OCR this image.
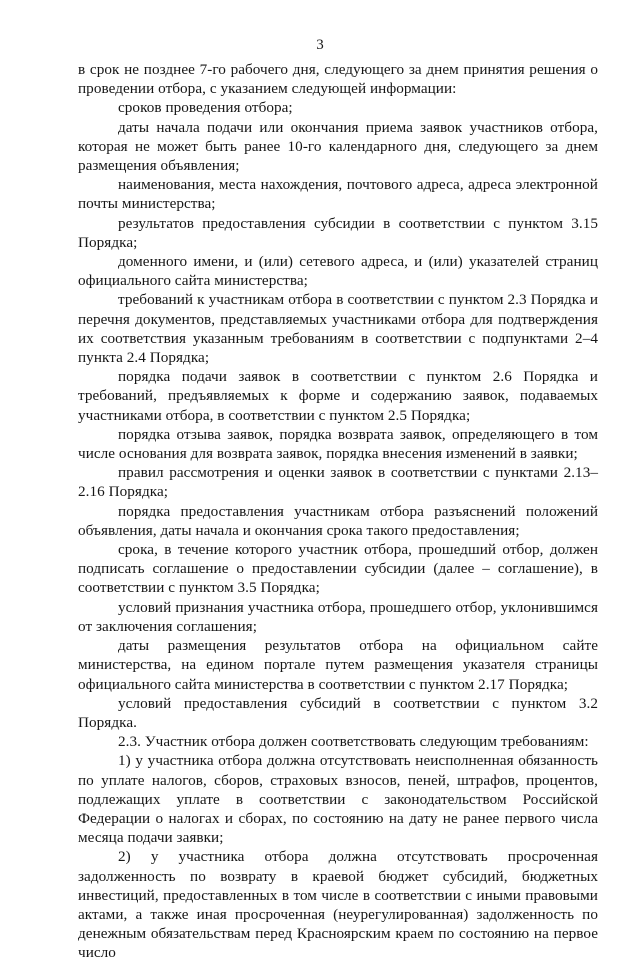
3

в срок не позднее 7-го рабочего дня, следующего за днем принятия решения о проведении отбора, с указанием следующей информации:

сроков проведения отбора;

даты начала подачи или окончания приема заявок участников отбора, которая не может быть ранее 10-го календарного дня, следующего за днем размещения объявления;

наименования, места нахождения, почтового адреса, адреса электронной почты министерства;

результатов предоставления субсидии в соответствии с пунктом 3.15 Порядка;

доменного имени, и (или) сетевого адреса, и (или) указателей страниц официального сайта министерства;

требований к участникам отбора в соответствии с пунктом 2.3 Порядка и перечня документов, представляемых участниками отбора для подтверждения их соответствия указанным требованиям в соответствии с подпунктами 2–4 пункта 2.4 Порядка;

порядка подачи заявок в соответствии с пунктом 2.6 Порядка и требований, предъявляемых к форме и содержанию заявок, подаваемых участниками отбора, в соответствии с пунктом 2.5 Порядка;

порядка отзыва заявок, порядка возврата заявок, определяющего в том числе основания для возврата заявок, порядка внесения изменений в заявки;

правил рассмотрения и оценки заявок в соответствии с пунктами 2.13–2.16 Порядка;

порядка предоставления участникам отбора разъяснений положений объявления, даты начала и окончания срока такого предоставления;

срока, в течение которого участник отбора, прошедший отбор, должен подписать соглашение о предоставлении субсидии (далее – соглашение), в соответствии с пунктом 3.5 Порядка;

условий признания участника отбора, прошедшего отбор, уклонившимся от заключения соглашения;

даты размещения результатов отбора на официальном сайте министерства, на едином портале путем размещения указателя страницы официального сайта министерства в соответствии с пунктом 2.17 Порядка;

условий предоставления субсидий в соответствии с пунктом 3.2 Порядка.

2.3. Участник отбора должен соответствовать следующим требованиям:

1) у участника отбора должна отсутствовать неисполненная обязанность по уплате налогов, сборов, страховых взносов, пеней, штрафов, процентов, подлежащих уплате в соответствии с законодательством Российской Федерации о налогах и сборах, по состоянию на дату не ранее первого числа месяца подачи заявки;

2) у участника отбора должна отсутствовать просроченная задолженность по возврату в краевой бюджет субсидий, бюджетных инвестиций, предоставленных в том числе в соответствии с иными правовыми актами, а также иная просроченная (неурегулированная) задолженность по денежным обязательствам перед Красноярским краем по состоянию на первое число
